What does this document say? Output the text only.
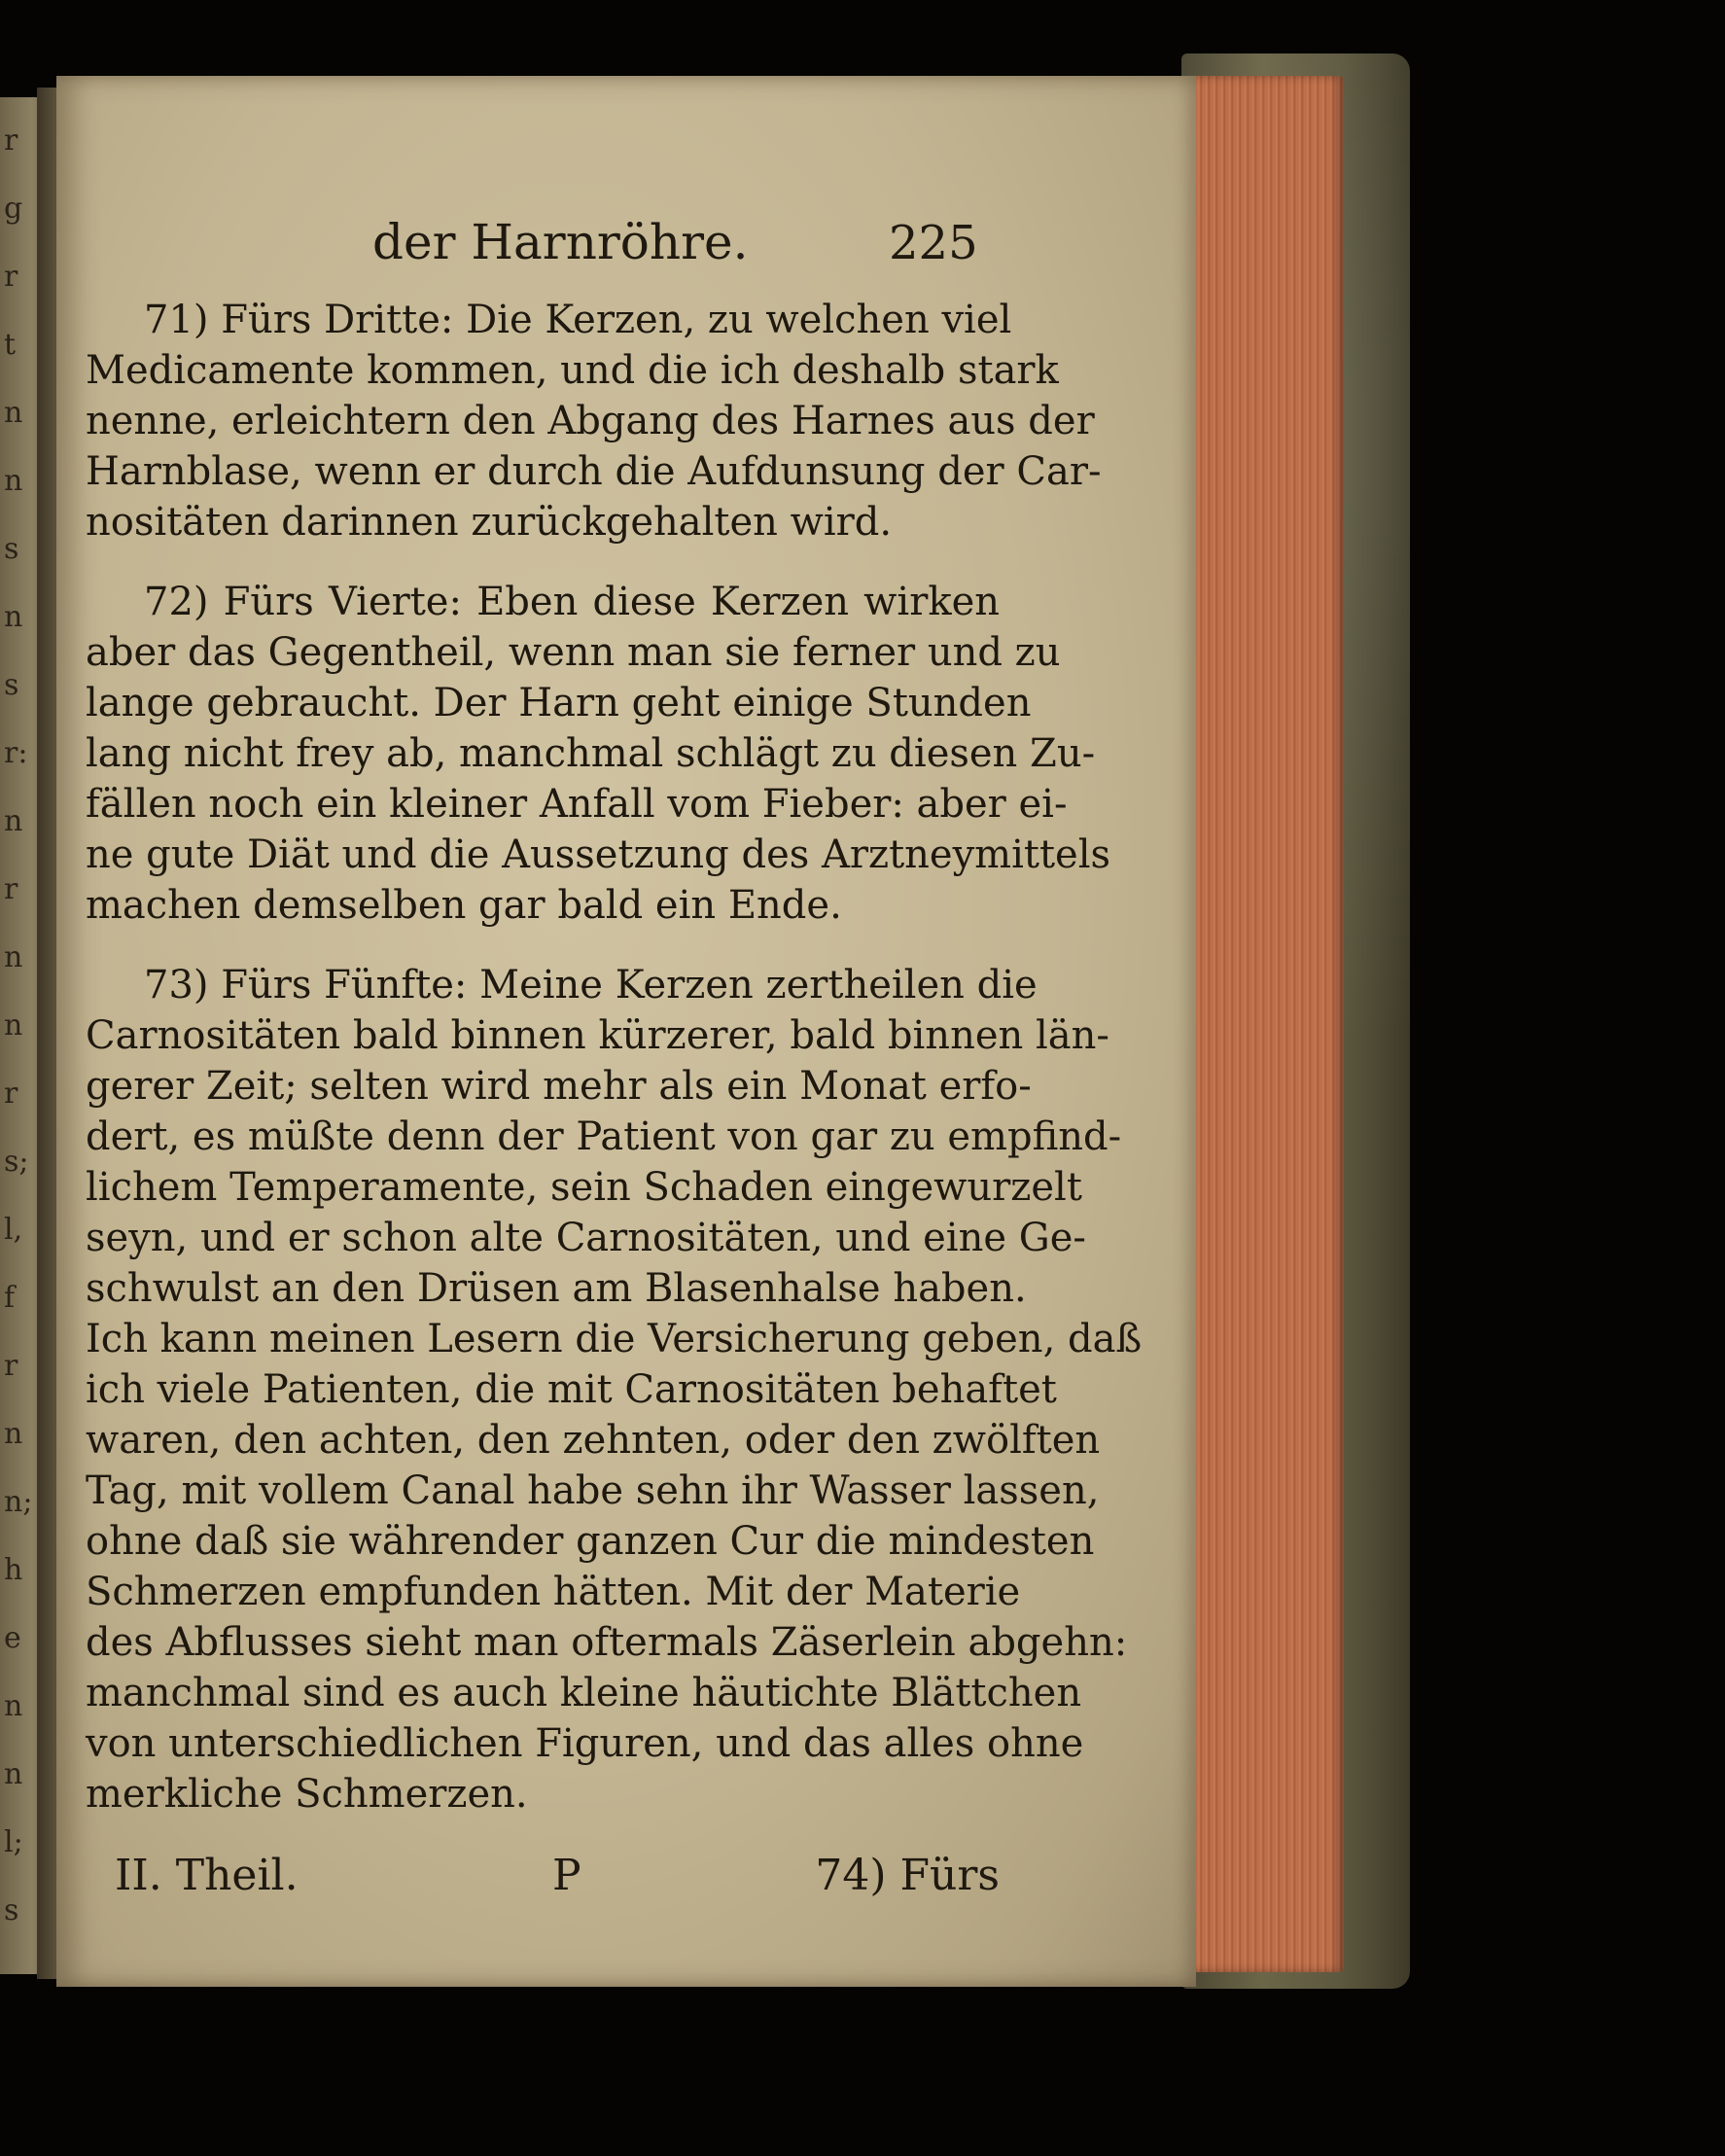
r
g
r
t
n
n
s
n
s
r:
n
r
n
n
r
s;
l,
f
r
n
n;
h
e
n
n
l;
s
der Harnröhre.	225
71) Fürs Dritte: Die Kerzen, zu welchen viel
Medicamente kommen, und die ich deshalb stark
nenne, erleichtern den Abgang des Harnes aus der
Harnblase, wenn er durch die Aufdunsung der Car-
nositäten darinnen zurückgehalten wird.
72) Fürs Vierte: Eben diese Kerzen wirken
aber das Gegentheil, wenn man sie ferner und zu
lange gebraucht. Der Harn geht einige Stunden
lang nicht frey ab, manchmal schlägt zu diesen Zu-
fällen noch ein kleiner Anfall vom Fieber: aber ei-
ne gute Diät und die Aussetzung des Arztneymittels
machen demselben gar bald ein Ende.
73) Fürs Fünfte: Meine Kerzen zertheilen die
Carnositäten bald binnen kürzerer, bald binnen län-
gerer Zeit; selten wird mehr als ein Monat erfo-
dert, es müßte denn der Patient von gar zu empfind-
lichem Temperamente, sein Schaden eingewurzelt
seyn, und er schon alte Carnositäten, und eine Ge-
schwulst an den Drüsen am Blasenhalse haben.
Ich kann meinen Lesern die Versicherung geben, daß
ich viele Patienten, die mit Carnositäten behaftet
waren, den achten, den zehnten, oder den zwölften
Tag, mit vollem Canal habe sehn ihr Wasser lassen,
ohne daß sie währender ganzen Cur die mindesten
Schmerzen empfunden hätten. Mit der Materie
des Abflusses sieht man oftermals Zäserlein abgehn:
manchmal sind es auch kleine häutichte Blättchen
von unterschiedlichen Figuren, und das alles ohne
merkliche Schmerzen.
II. Theil.	P	74) Fürs
